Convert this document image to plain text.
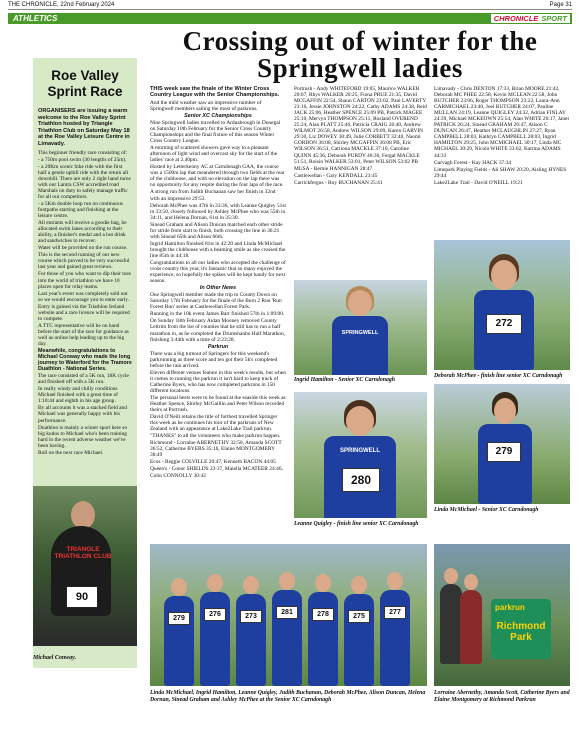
THE CHRONICLE, 22nd February 2024	Page 31
ATHLETICS	CHRONICLE SPORT
Roe Valley Sprint Race
ORGANISERS are issuing a warm welcome to the Roe Valley Sprint Triathlon hosted by Triangle Triathlon Club on Saturday May 18 at the Roe Valley Leisure Centre in Limavady.

This beginner friendly race consisting of:

- a 750m pool swim (30 lengths of 25m).

- a 20Km scenic bike ride with the first half a gentle uphill ride with the return all downhill. There are only 2 right hand turns with our Lantra CSW accredited road Marshals on duty to safely manage traffic for all our competitors.

- a 5Km double loop run on continuous footpaths starting and finishing at the leisure centre.

All entrants will receive a goodie bag, be allocated swim lanes according to their ability, a finisher's medal and a hot drink and sandwiches to recover.

Water will be provided on the run course.

This is the second running of our new course which proved to be very successful last year and gained great reviews.

For those of you who want to dip their toes into the world of triathlon we have 10 places open for relay teams.

Last year's event was completely sold out so we would encourage you to enter early.

Entry is gained via the Triathlon Ireland website and a race licence will be required to compete.

A TTC representative will be on hand before the start of the race for guidance as well as online help leading up to the big day.

Meanwhile, congratulations to Michael Conway who made the long journey to Waterford for the Tramore Duathlon - National Series.

The race consisted of a 5K run, 18K cycle and finished off with a 5K run.

In really windy and chilly conditions Michael finished with a great time of 1:10:44 and eighth in his age group.

By all accounts it was a stacked field and Michael was generally happy with his performance.

Duathlon is mainly a winter sport here so big kudos to Michael who's been training hard in the recent adverse weather we've been having.

Roll on the next race Michael.

TRIANGLE TRIATHLON CLUB
90
Michael Conway.
Crossing out of winter for the Springwell ladies

THIS week saw the finale of the Winter Cross Country League with the Senior Championships.

And the mild weather saw an impressive number of Springwell members sailing the most of parkruns.

Senior XC Championships

Nine Springwell ladies travelled to Ardnabrough in Donegal on Saturday 10th February for the Senior Cross Country Championships and the final fixture of this season Winter Cross Country League.

A morning of scattered showers gave way to a pleasant afternoon of light wind and overcast sky for the start of the ladies' race at 2.40pm.

Hosted by Letterkenny AC at Carndonagh GAA, the course was a 1500m lap that meandered through two fields at the rear of the clubhouse, and with no elevation on the lap there was no opportunity for any respite during the four laps of the race.

A strong run from Judith Buchanan saw her finish in 32nd with an impressive 29:53.

Deborah McPhee was 47th in 33:36, with Leanne Quigley 51st in 33:50, closely followed by Ashley McPhee who was 55th in 34:11, and Helena Dornan, 61st in 35:30.

Sinead Graham and Alison Duncan matched each other stride for stride from start to finish, both crossing the line in 36:21 with Sinead 65th and Alison 66th.

Ingrid Hamilton finished 81st in 42:20 and Linda McMichael brought the clubhouse with a beaming smile as she crossed the line 85th in 44:18.

Congratulations to all our ladies who accepted the challenge of cross country this year, it's fantastic that so many enjoyed the experience, so hopefully the spikes will be kept handy for next season.

In Other News

One Springwell member made the trip to County Down on Saturday 17th February for the finale of the Born 2 Run 'Run Forest Run' series at Castlewellan Forest Park.

Running in the 10k event James Barr finished 57th in 1:09:00.

On Sunday 18th February Aidan Mooney removed County Leitrim from the list of counties that he still has to run a half marathon in, as he completed the Drumshanbo Half Marathon, finishing 3:44th with a time of 2:23:28.

Parkrun

There was a big turnout of Springers for this weekend's parkrunning as three score and ten got their 5k's completed before the rain arrived.

Eleven different venues feature in this week's results, but when it comes to running the parkrun it isn't hard to keep track of Catherine Byers, who has now completed parkruns in 150 different locations.

The personal bests were to be found at the seaside this week as Heather Spence, Shirley McGaillin and Peter Wilson recorded theirs at Portrush.

David O'Neill retains the title of furthest travelled Springer this week as he continues his tour of the parkruns of New Zealand with an appearance at Lake2Lake Trail parkrun.

"THANKS" to all the volunteers who make parkrun happen.

Richmond - Lorraine ABERNETHY 32:50, Amanda SCOTT 36:52, Catherine BYERS 35:16, Elaine MONTGOMERY 38:49

Ecos - Reggie COLVILLE 20:47, Kenneth BACON 44:05

Queen's - Conor SHIELDS 23:37, Maiella MCATEER 24:46, Colin CONNOLLY 30:42

Portrush - Andy WHITEFORD 19:05, Maurice WALKER 20:07, Rhys WALKER 20:25, Fiona PRUE 21:35, David MCGAFFIN 22:54, Shaun CARTON 23:02, Paul LAVERTY 23:16, Jessie JOHNSTON 24:22, Cathy ADAMS 24:38, Reid JACK 25:06, Heather SPENCE 25:09 PB, Patrick MAGEE 25:10, Mervyn THOMPSON 25:11, Rosland OVEREND 25:24, Alan PLATT 25:46, Patricia CRAIG 26:40, Andrew WILMOT 26:58, Andrew WILSON 29:09, Karen GARVIN 29:30, Liz DOWEY 30:49, Julie CORBETT 32:40, Naomi GORDON 36:08, Shirley MCGAFFIN 36:08 PB, Eric WILSON 36:51, Catriona MACKLE 37:10, Caroline QUINN 45:36, Deborah PURDY 46:30, Fergal MACKLE 51:51, Roisin WALKER 53:01, Peter WILSON 53:02 PB

MUSA - Bernie HANNIGAN 28:47

Castlewellan - Gary KENDALL 23:45

Carrickfergus - Roy BUCHANAN 25:41

Limavady - Chris DENTON 17:33, Brian MOORE 21:42, Deborah MC PHEE 22:58, Kevin MCLEAN 22:58, John BUTCHER 23:06, Roger THOMPSON 23:22, Laura-Ann CARMICHAEL 23:40, Joel BUTCHER 24:07, Pauline MULLAN 24:19, Leanne QUIGLEY 24:32, Adrian FINLAY 24:39, Michael MCKEOWN 25:54, Alan WHITE 26:17, Janet PATRICK 26:24, Sinead GRAHAM 26:47, Alison C DUNCAN 26:47, Heather MCLAUGHLIN 27:27, Ryan CAMPBELL 28:03, Kathryn CAMPBELL 28:03, Ingrid HAMILTON 29:25, John MCMICHAEL 30:17, Linda MC MICHAEL 30:29, Nicola WHITE 33:02, Katrina ADAMS 44:33

Garvagh Forest - Kay HACK 37:34

Limepark Playing Fields - Ali SHAW 20:20, Aisling HYNES 29:44

Lake2Lake Trail - David O'NEILL 19:21

272
Deborah McPhee - finish line senior XC Carndonagh
SPRINGWELL
Ingrid Hamilton - Senior XC Carndonagh
279
Linda McMichael - Senior XC Carndonagh
SPRINGWELL
280
Leanne Quigley - finish line senior XC Carndonagh
279
276	273
281	278	275
277
Linda McMichael, Ingrid Hamilton, Leanne Quigley, Judith Buchanan, Deborah McPhee, Alison Duncan, Helena Dornan, Sinead Graham and Ashley McPhee at the Senior XC Carndonagh
parkrun
Richmond Park
Lorraine Abernethy, Amanda Scott, Catherine Byers and Elaine Montgomery at Richmond Parkrun
